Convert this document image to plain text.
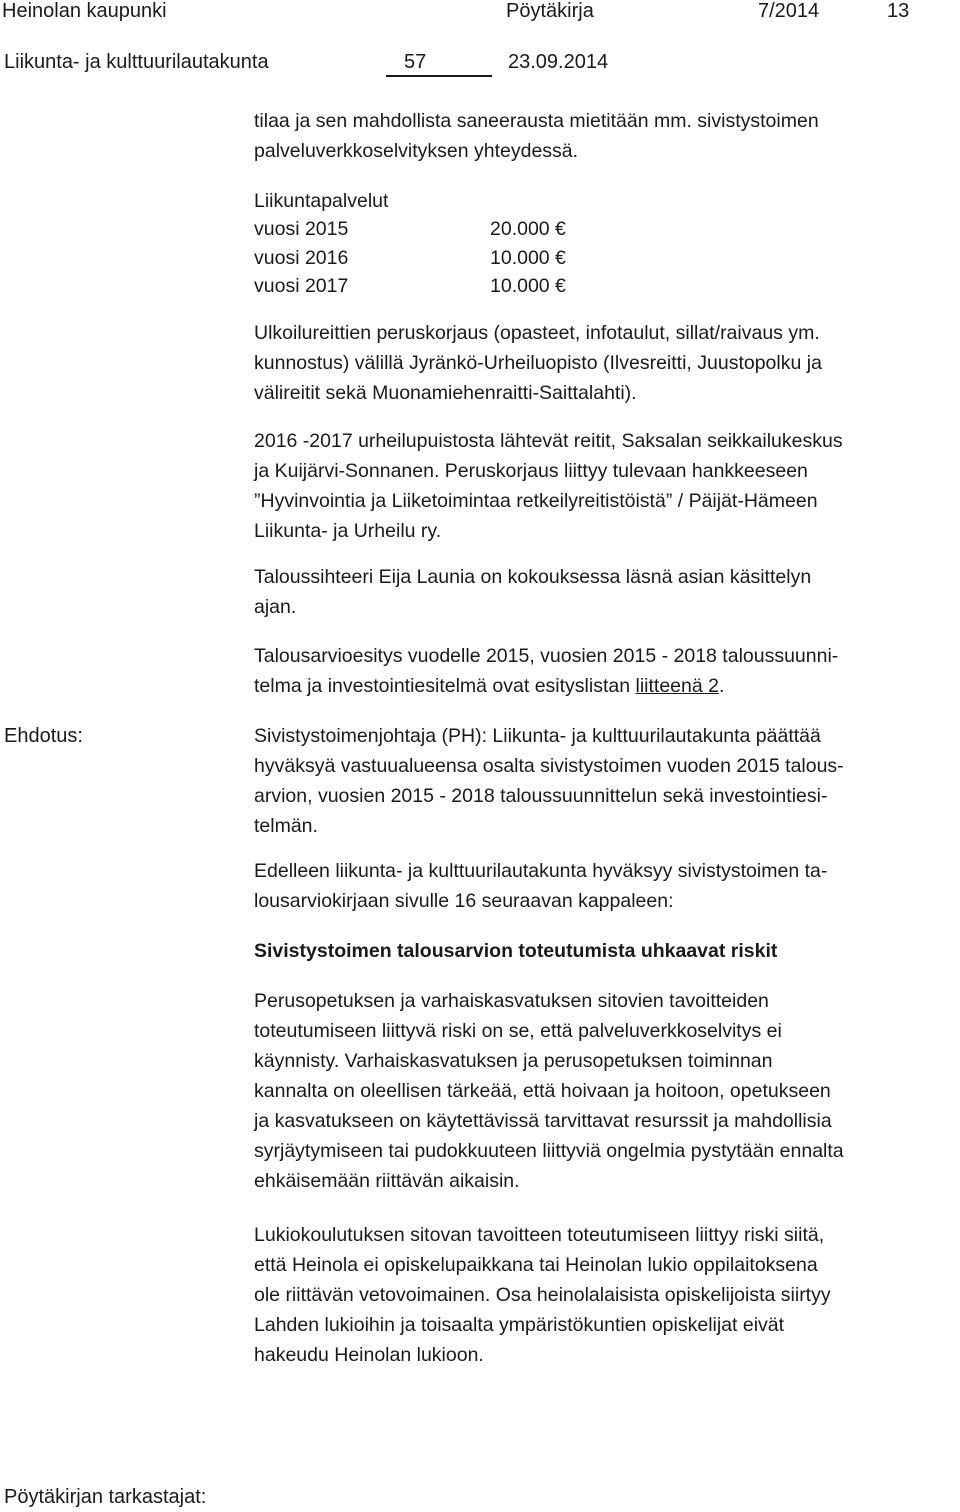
Heinolan kaupunki	Pöytäkirja	7/2014	13
Liikunta- ja kulttuurilautakunta	57	23.09.2014

tilaa ja sen mahdollista saneerausta mietitään mm. sivistystoimen

palveluverkkoselvityksen yhteydessä.

Liikuntapalvelut
vuosi 2015	20.000 €
vuosi 2016	10.000 €
vuosi 2017	10.000 €

Ulkoilureittien peruskorjaus (opasteet, infotaulut, sillat/raivaus ym.

kunnostus) välillä Jyränkö-Urheiluopisto (Ilvesreitti, Juustopolku ja

välireitit sekä Muonamiehenraitti-Saittalahti).

2016 -2017 urheilupuistosta lähtevät reitit, Saksalan seikkailukeskus

ja Kuijärvi-Sonnanen. Peruskorjaus liittyy tulevaan hankkeeseen

”Hyvinvointia ja Liiketoimintaa retkeilyreitistöistä” / Päijät-Hämeen

Liikunta- ja Urheilu ry.

Taloussihteeri Eija Launia on kokouksessa läsnä asian käsittelyn

ajan.

Talousarvioesitys vuodelle 2015, vuosien 2015 - 2018 taloussuunni-

telma ja investointiesitelmä ovat esityslistan liitteenä 2.

Ehdotus:	Sivistystoimenjohtaja (PH): Liikunta- ja kulttuurilautakunta päättää

hyväksyä vastuualueensa osalta sivistystoimen vuoden 2015 talous-

arvion, vuosien 2015 - 2018 taloussuunnittelun sekä investointiesi-

telmän.

Edelleen liikunta- ja kulttuurilautakunta hyväksyy sivistystoimen ta-

lousarviokirjaan sivulle 16 seuraavan kappaleen:

Sivistystoimen talousarvion toteutumista uhkaavat riskit

Perusopetuksen ja varhaiskasvatuksen sitovien tavoitteiden

toteutumiseen liittyvä riski on se, että palveluverkkoselvitys ei

käynnisty. Varhaiskasvatuksen ja perusopetuksen toiminnan

kannalta on oleellisen tärkeää, että hoivaan ja hoitoon, opetukseen

ja kasvatukseen on käytettävissä tarvittavat resurssit ja mahdollisia

syrjäytymiseen tai pudokkuuteen liittyviä ongelmia pystytään ennalta

ehkäisemään riittävän aikaisin.

Lukiokoulutuksen sitovan tavoitteen toteutumiseen liittyy riski siitä,

että Heinola ei opiskelupaikkana tai Heinolan lukio oppilaitoksena

ole riittävän vetovoimainen. Osa heinolalaisista opiskelijoista siirtyy

Lahden lukioihin ja toisaalta ympäristökuntien opiskelijat eivät

hakeudu Heinolan lukioon.

Pöytäkirjan tarkastajat:
